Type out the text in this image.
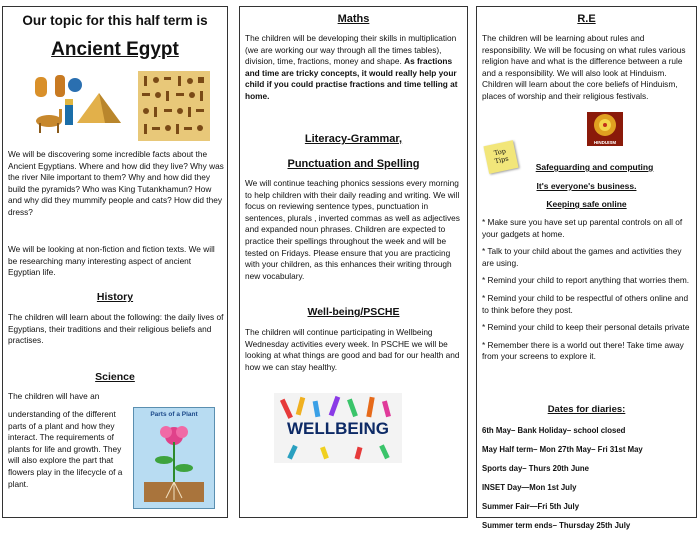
Our topic for this half term is
Ancient Egypt

We will be discovering some incredible facts about the Ancient Egyptians. Where and how did they live? Why was the river Nile important to them? Why and how did they build the pyramids? Who was King Tutankhamun? How and why did they mummify people and cats? How did they dress?

We will be looking at non-fiction and fiction texts. We will be researching many interesting aspect of ancient Egyptian life.

History

The children will learn about the following: the daily lives of Egyptians, their traditions and their religious beliefs and practises.

Science

The children will have an

understanding of the different parts of a plant and how they interact. The requirements of plants for life and growth. They will also explore the part that flowers play in the lifecycle of a plant.

Parts of a Plant
Maths

The children will be developing their skills in multiplication (we are working our way through all the times tables), division, time, fractions, money and shape. As fractions and time are tricky concepts, it would really help your child if you could practise fractions and time telling at home.

Literacy-Grammar,
Punctuation and Spelling

We will continue teaching phonics sessions every morning to help children with their daily reading and writing. We will focus on reviewing sentence types, punctuation in sentences, plurals , inverted commas as well as adjectives and expanded noun phrases. Children are expected to practice their spellings throughout the week and will be tested on Fridays. Please ensure that you are practicing with your children, as this enhances their writing through new vocabulary.

Well-being/PSCHE

The children will continue participating in Wellbeing Wednesday activities every week. In PSCHE we will be looking at what things are good and bad for our health and how we can stay healthy.

WELLBEING
R.E

The children will be learning about rules and responsibility. We will be focusing on what rules various religion have and what is the difference between a rule and a responsibility. We will also look at Hinduism. Children will learn about the core beliefs of Hinduism, places of worship and their religious festivals.

Top Tips
HINDUISM
Safeguarding and computing
It's everyone's business.
Keeping safe online

* Make sure you have set up parental controls on all of your gadgets at home.

* Talk to your child about the games and activities they are using.

* Remind your child to report anything that worries them.

* Remind your child to be respectful of others online and to think before they post.

* Remind your child to keep their personal details private

* Remember there is a world out there! Take time away from your screens to explore it.

Dates for diaries:

6th May– Bank Holiday– school closed

May Half term– Mon 27th May– Fri 31st May

Sports day– Thurs 20th June

INSET Day—Mon 1st July

Summer Fair—Fri 5th July

Summer term ends– Thursday 25th July
